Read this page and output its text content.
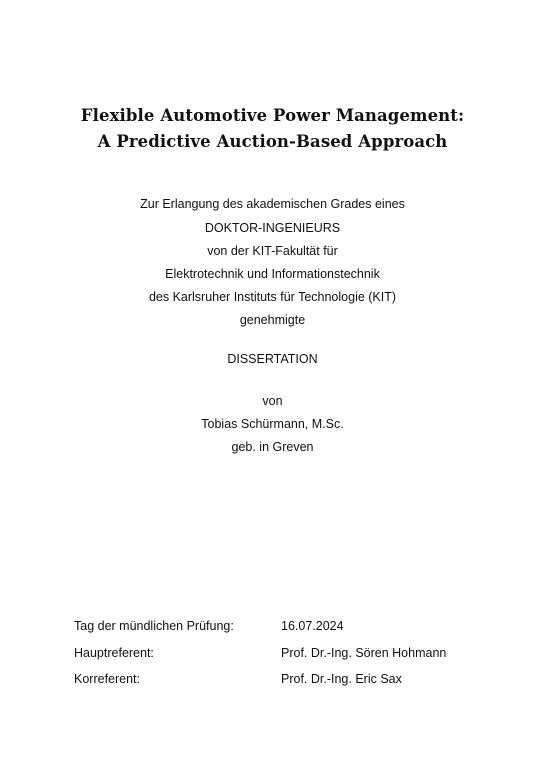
Flexible Automotive Power Management:
A Predictive Auction-Based Approach
Zur Erlangung des akademischen Grades eines
DOKTOR-INGENIEURS
von der KIT-Fakultät für
Elektrotechnik und Informationstechnik
des Karlsruher Instituts für Technologie (KIT)
genehmigte
DISSERTATION
von
Tobias Schürmann, M.Sc.
geb. in Greven
Tag der mündlichen Prüfung:	16.07.2024
Hauptreferent:	Prof. Dr.-Ing. Sören Hohmann
Korreferent:	Prof. Dr.-Ing. Eric Sax
